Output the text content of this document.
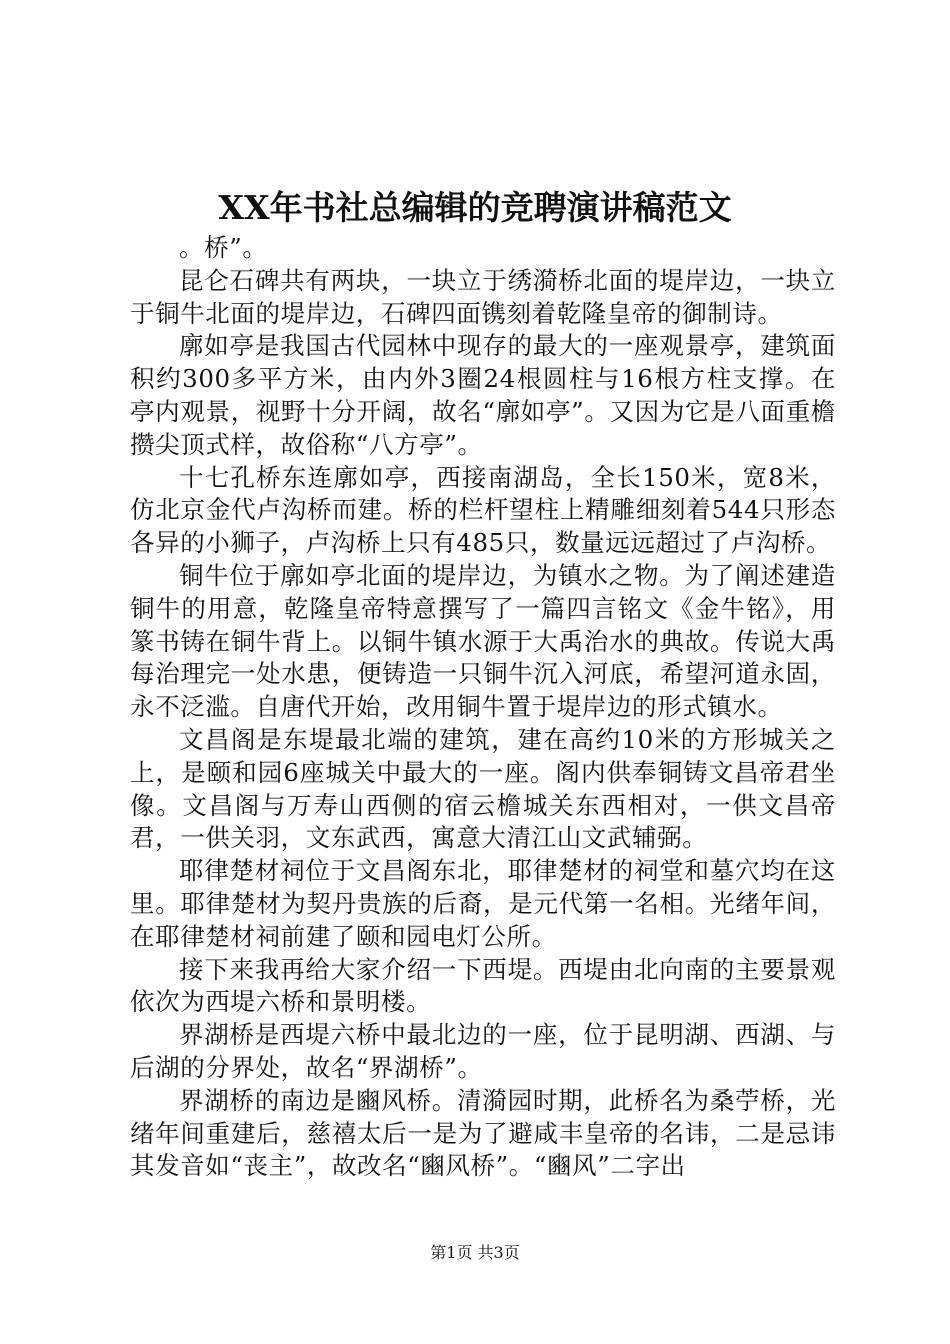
XX年书社总编辑的竞聘演讲稿范文

。桥”。

昆仑石碑共有两块，一块立于绣漪桥北面的堤岸边，一块立于铜牛北面的堤岸边，石碑四面镌刻着乾隆皇帝的御制诗。

廓如亭是我国古代园林中现存的最大的一座观景亭，建筑面积约300多平方米，由内外3圈24根圆柱与16根方柱支撑。在亭内观景，视野十分开阔，故名“廓如亭”。又因为它是八面重檐攒尖顶式样，故俗称“八方亭”。

十七孔桥东连廓如亭，西接南湖岛，全长150米，宽8米，仿北京金代卢沟桥而建。桥的栏杆望柱上精雕细刻着544只形态各异的小狮子，卢沟桥上只有485只，数量远远超过了卢沟桥。

铜牛位于廓如亭北面的堤岸边，为镇水之物。为了阐述建造铜牛的用意，乾隆皇帝特意撰写了一篇四言铭文《金牛铭》，用篆书铸在铜牛背上。以铜牛镇水源于大禹治水的典故。传说大禹每治理完一处水患，便铸造一只铜牛沉入河底，希望河道永固，永不泛滥。自唐代开始，改用铜牛置于堤岸边的形式镇水。

文昌阁是东堤最北端的建筑，建在高约10米的方形城关之上，是颐和园6座城关中最大的一座。阁内供奉铜铸文昌帝君坐像。文昌阁与万寿山西侧的宿云檐城关东西相对，一供文昌帝君，一供关羽，文东武西，寓意大清江山文武辅弼。

耶律楚材祠位于文昌阁东北，耶律楚材的祠堂和墓穴均在这里。耶律楚材为契丹贵族的后裔，是元代第一名相。光绪年间，在耶律楚材祠前建了颐和园电灯公所。

接下来我再给大家介绍一下西堤。西堤由北向南的主要景观依次为西堤六桥和景明楼。

界湖桥是西堤六桥中最北边的一座，位于昆明湖、西湖、与后湖的分界处，故名“界湖桥”。

界湖桥的南边是豳风桥。清漪园时期，此桥名为桑苧桥，光绪年间重建后，慈禧太后一是为了避咸丰皇帝的名讳，二是忌讳其发音如“丧主”，故改名“豳风桥”。“豳风”二字出

第1页 共3页
